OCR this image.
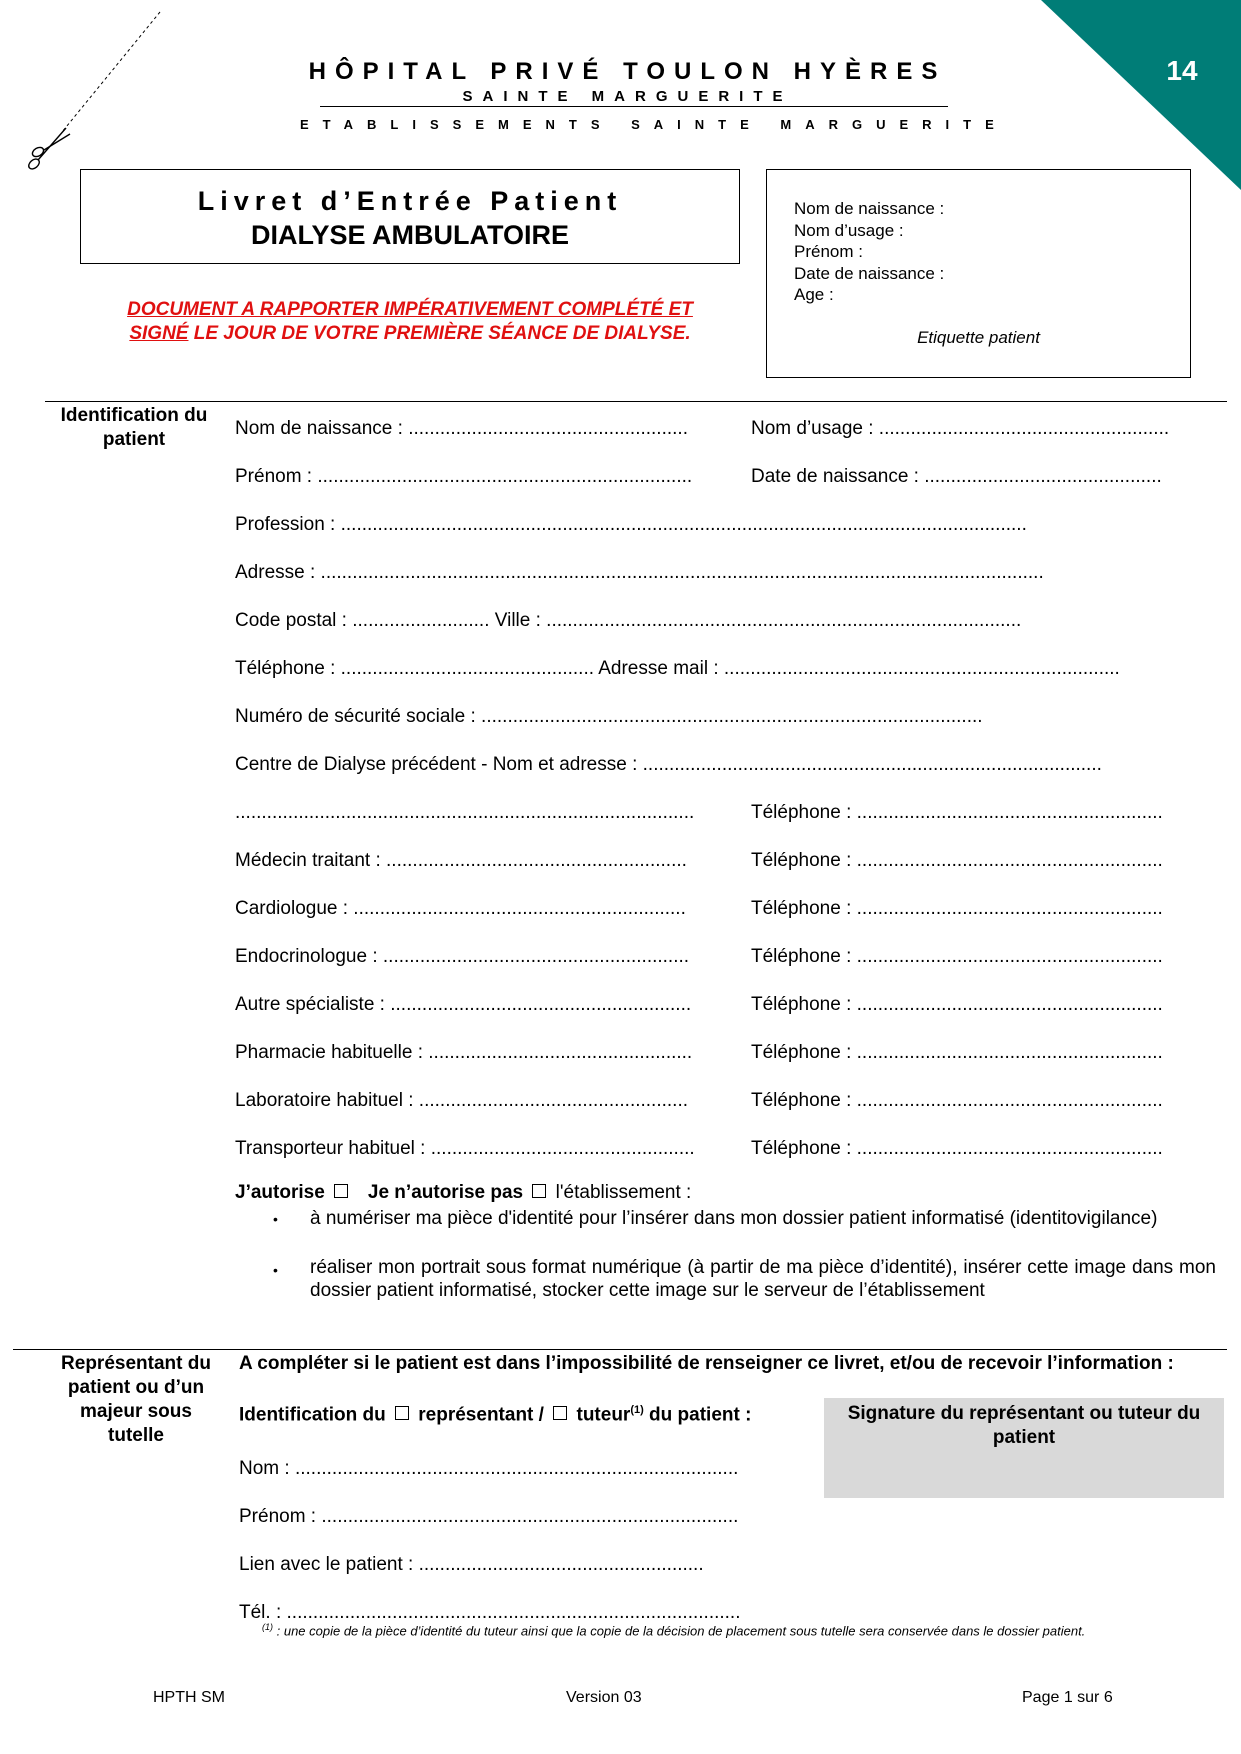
14
HÔPITAL PRIVÉ TOULON HYÈRES
SAINTE MARGUERITE
ETABLISSEMENTS SAINTE MARGUERITE
Livret d’Entrée Patient
DIALYSE AMBULATOIRE
DOCUMENT A RAPPORTER IMPÉRATIVEMENT COMPLÉTÉ ET
SIGNÉ LE JOUR DE VOTRE PREMIÈRE SÉANCE DE DIALYSE.
Nom de naissance :
Nom d’usage :
Prénom :
Date de naissance :
Age :
Etiquette patient
Identification du patient
Nom de naissance : .....................................................	Nom d’usage : .......................................................
Prénom : .......................................................................	Date de naissance : .............................................
Profession : ..................................................................................................................................
Adresse : .........................................................................................................................................
Code postal : .......................... Ville : ..........................................................................................
Téléphone : ................................................ Adresse mail : ...........................................................................
Numéro de sécurité sociale : ...............................................................................................
Centre de Dialyse précédent - Nom et adresse : .......................................................................................
.......................................................................................	Téléphone : ..........................................................
Médecin traitant : .........................................................	Téléphone : ..........................................................
Cardiologue : ...............................................................	Téléphone : ..........................................................
Endocrinologue : ..........................................................	Téléphone : ..........................................................
Autre spécialiste : .........................................................	Téléphone : ..........................................................
Pharmacie habituelle : ..................................................	Téléphone : ..........................................................
Laboratoire habituel : ...................................................	Téléphone : ..........................................................
Transporteur habituel : ..................................................	Téléphone : ..........................................................
J’autorise Je n’autorise pas  l'établissement :
• à numériser ma pièce d'identité pour l’insérer dans mon dossier patient informatisé (identitovigilance)
• réaliser mon portrait sous format numérique (à partir de ma pièce d’identité), insérer cette image dans mon dossier patient informatisé, stocker cette image sur le serveur de l’établissement
Représentant du patient ou d’un majeur sous tutelle
A compléter si le patient est dans l’impossibilité de renseigner ce livret, et/ou de recevoir l’information :
Identification du représentant / tuteur$^{(1)}$ du patient :	Signature du représentant ou tuteur du patient
Nom : ....................................................................................
Prénom : ...............................................................................
Lien avec le patient : ......................................................
Tél. : ......................................................................................
$^{(1)}$ : une copie de la pièce d’identité du tuteur ainsi que la copie de la décision de placement sous tutelle sera conservée dans le dossier patient.
HPTH SM	Version 03	Page 1 sur 6
